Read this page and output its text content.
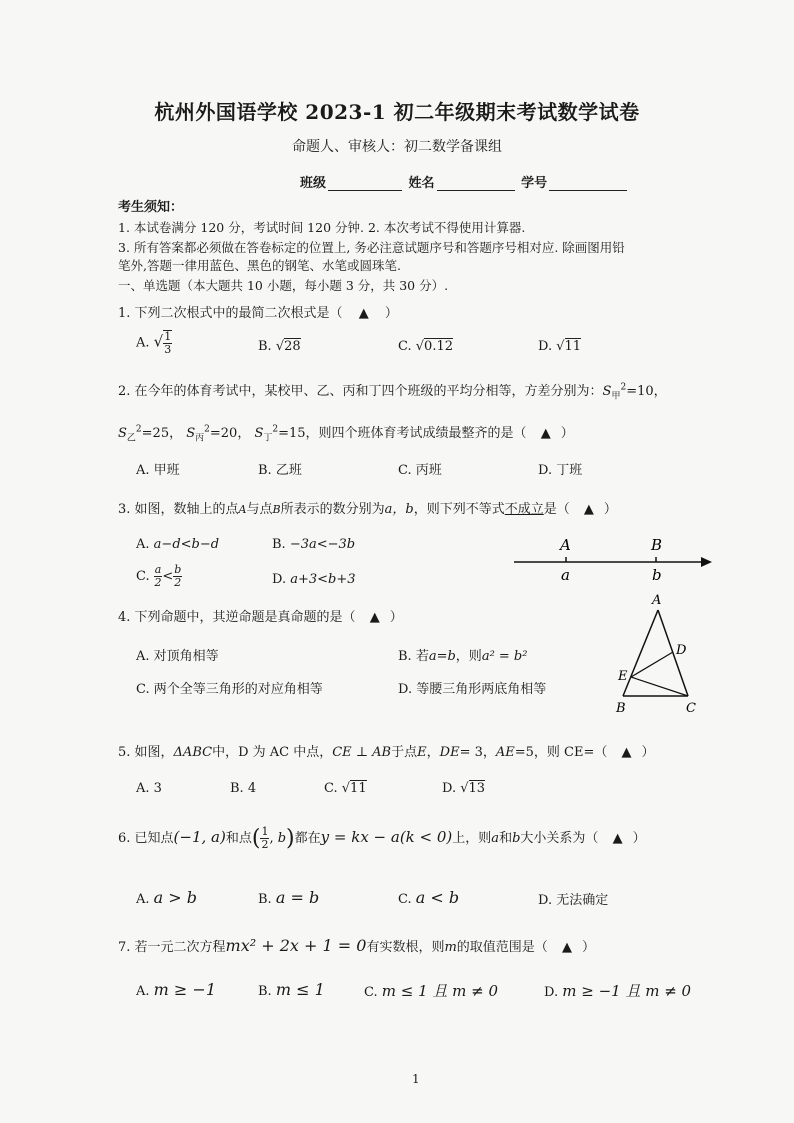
杭州外国语学校 2023-1 初二年级期末考试数学试卷
命题人、审核人：初二数学备课组
班级	姓名	学号
考生须知：
1. 本试卷满分 120 分，考试时间 120 分钟. 2. 本次考试不得使用计算器.
3. 所有答案都必须做在答卷标定的位置上, 务必注意试题序号和答题序号相对应. 除画图用铅
笔外,答题一律用蓝色、黑色的钢笔、水笔或圆珠笔.
一、单选题（本大题共 10 小题，每小题 3 分，共 30 分）.
1. 下列二次根式中的最简二次根式是（ ▲ ）
A. √ $\frac{1}{3}$	B. √28	C. √0.12	D. √11
2. 在今年的体育考试中，某校甲、乙、丙和丁四个班级的平均分相等，方差分别为：$S_甲^2=10$，
$S_乙^2=25$， $S_丙^2=20$， $S_丁^2=15$，则四个班体育考试成绩最整齐的是（ ▲ ）
A. 甲班	B. 乙班	C. 丙班	D. 丁班
3. 如图，数轴上的点A与点B所表示的数分别为a，b，则下列不等式不成立是（ ▲ ）
A. a−d<b−d	B. −3a<−3b
C. $\frac{a}{2} < \frac{b}{2}$	D. a+3<b+3
A	B
a	b
4. 下列命题中，其逆命题是真命题的是（ ▲ ）
A. 对顶角相等	B. 若a=b，则a² = b²
C. 两个全等三角形的对应角相等	D. 等腰三角形两底角相等
A
B	C
D
E
5. 如图，ΔABC中，D 为 AC 中点，CE ⊥ AB于点E，DE= 3，AE=5，则 CE=（ ▲ ）
A. 3	B. 4	C. √11	D. √13
6. 已知点(−1, a)和点( $\frac{1}{2}$ , b)都在y = kx − a(k < 0)上，则a和b大小关系为（ ▲ ）
A. a > b	B. a = b	C. a < b	D. 无法确定
7. 若一元二次方程mx² + 2x + 1 = 0有实数根，则m的取值范围是（ ▲ ）
A. m ≥ −1	B. m ≤ 1	C. m ≤ 1 且 m ≠ 0	D. m ≥ −1 且 m ≠ 0
1
